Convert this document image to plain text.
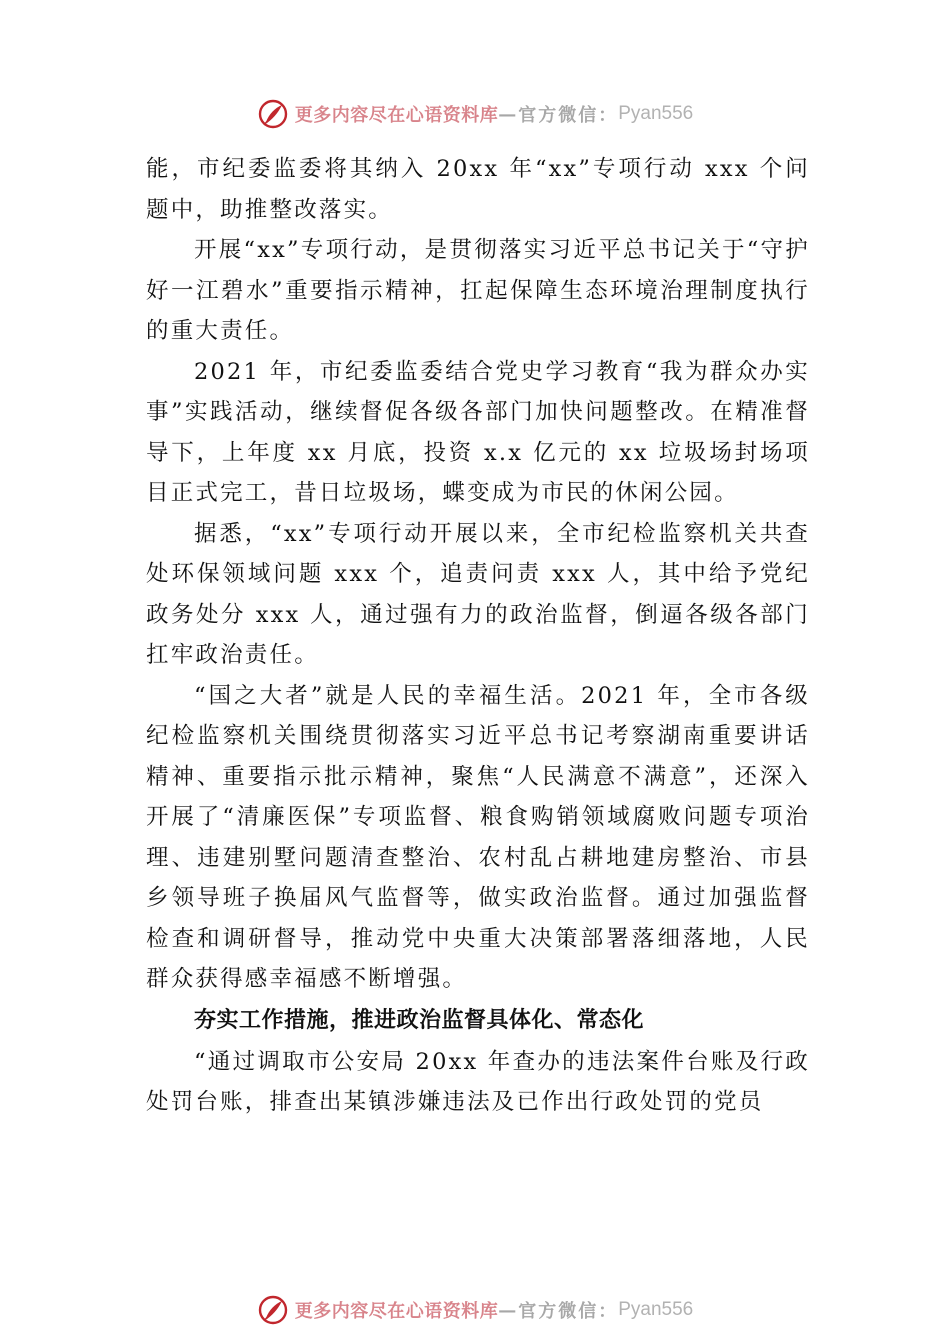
更多内容尽在心语资料库 — 官方微信： Pyan556

能，市纪委监委将其纳入 20xx 年“xx”专项行动 xxx 个问题中，助推整改落实。

开展“xx”专项行动，是贯彻落实习近平总书记关于“守护好一江碧水”重要指示精神，扛起保障生态环境治理制度执行的重大责任。

2021 年，市纪委监委结合党史学习教育“我为群众办实事”实践活动，继续督促各级各部门加快问题整改。在精准督导下，上年度 xx 月底，投资 x.x 亿元的 xx 垃圾场封场项目正式完工，昔日垃圾场，蝶变成为市民的休闲公园。

据悉，“xx”专项行动开展以来，全市纪检监察机关共查处环保领域问题 xxx 个，追责问责 xxx 人，其中给予党纪政务处分 xxx 人，通过强有力的政治监督，倒逼各级各部门扛牢政治责任。

“国之大者”就是人民的幸福生活。2021 年，全市各级纪检监察机关围绕贯彻落实习近平总书记考察湖南重要讲话精神、重要指示批示精神，聚焦“人民满意不满意”，还深入开展了“清廉医保”专项监督、粮食购销领域腐败问题专项治理、违建别墅问题清查整治、农村乱占耕地建房整治、市县乡领导班子换届风气监督等，做实政治监督。通过加强监督检查和调研督导，推动党中央重大决策部署落细落地，人民群众获得感幸福感不断增强。

夯实工作措施，推进政治监督具体化、常态化

“通过调取市公安局 20xx 年查办的违法案件台账及行政处罚台账，排查出某镇涉嫌违法及已作出行政处罚的党员

更多内容尽在心语资料库 — 官方微信： Pyan556
